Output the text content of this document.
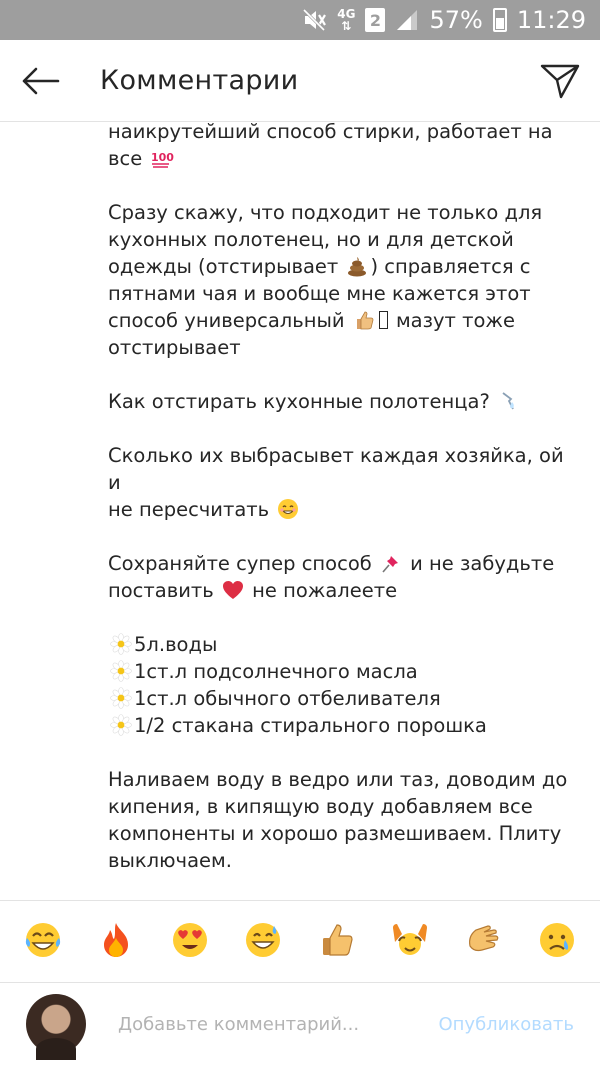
4G
⇅ 2 57% 11:29
Комментарии

наикрутейший способ стирки, работает на
все 100

Сразу скажу, что подходит не только для
кухонных полотенец, но и для детской
одежды (отстирывает ) справляется с
пятнами чая и вообще мне кажется этот
способ универсальный  мазут тоже
отстирывает

Как отстирать кухонные полотенца?

Сколько их выбрасывет каждая хозяйка, ой и
не пересчитать

Сохраняйте супер способ  и не забудьте
поставить  не пожалеете

5л.воды
1ст.л подсолнечного масла
1ст.л обычного отбеливателя
1/2 стакана стирального порошка

Наливаем воду в ведро или таз, доводим до
кипения, в кипящую воду добавляем все
компоненты и хорошо размешиваем. Плиту
выключаем.

Добавьте комментарий...
Опубликовать
